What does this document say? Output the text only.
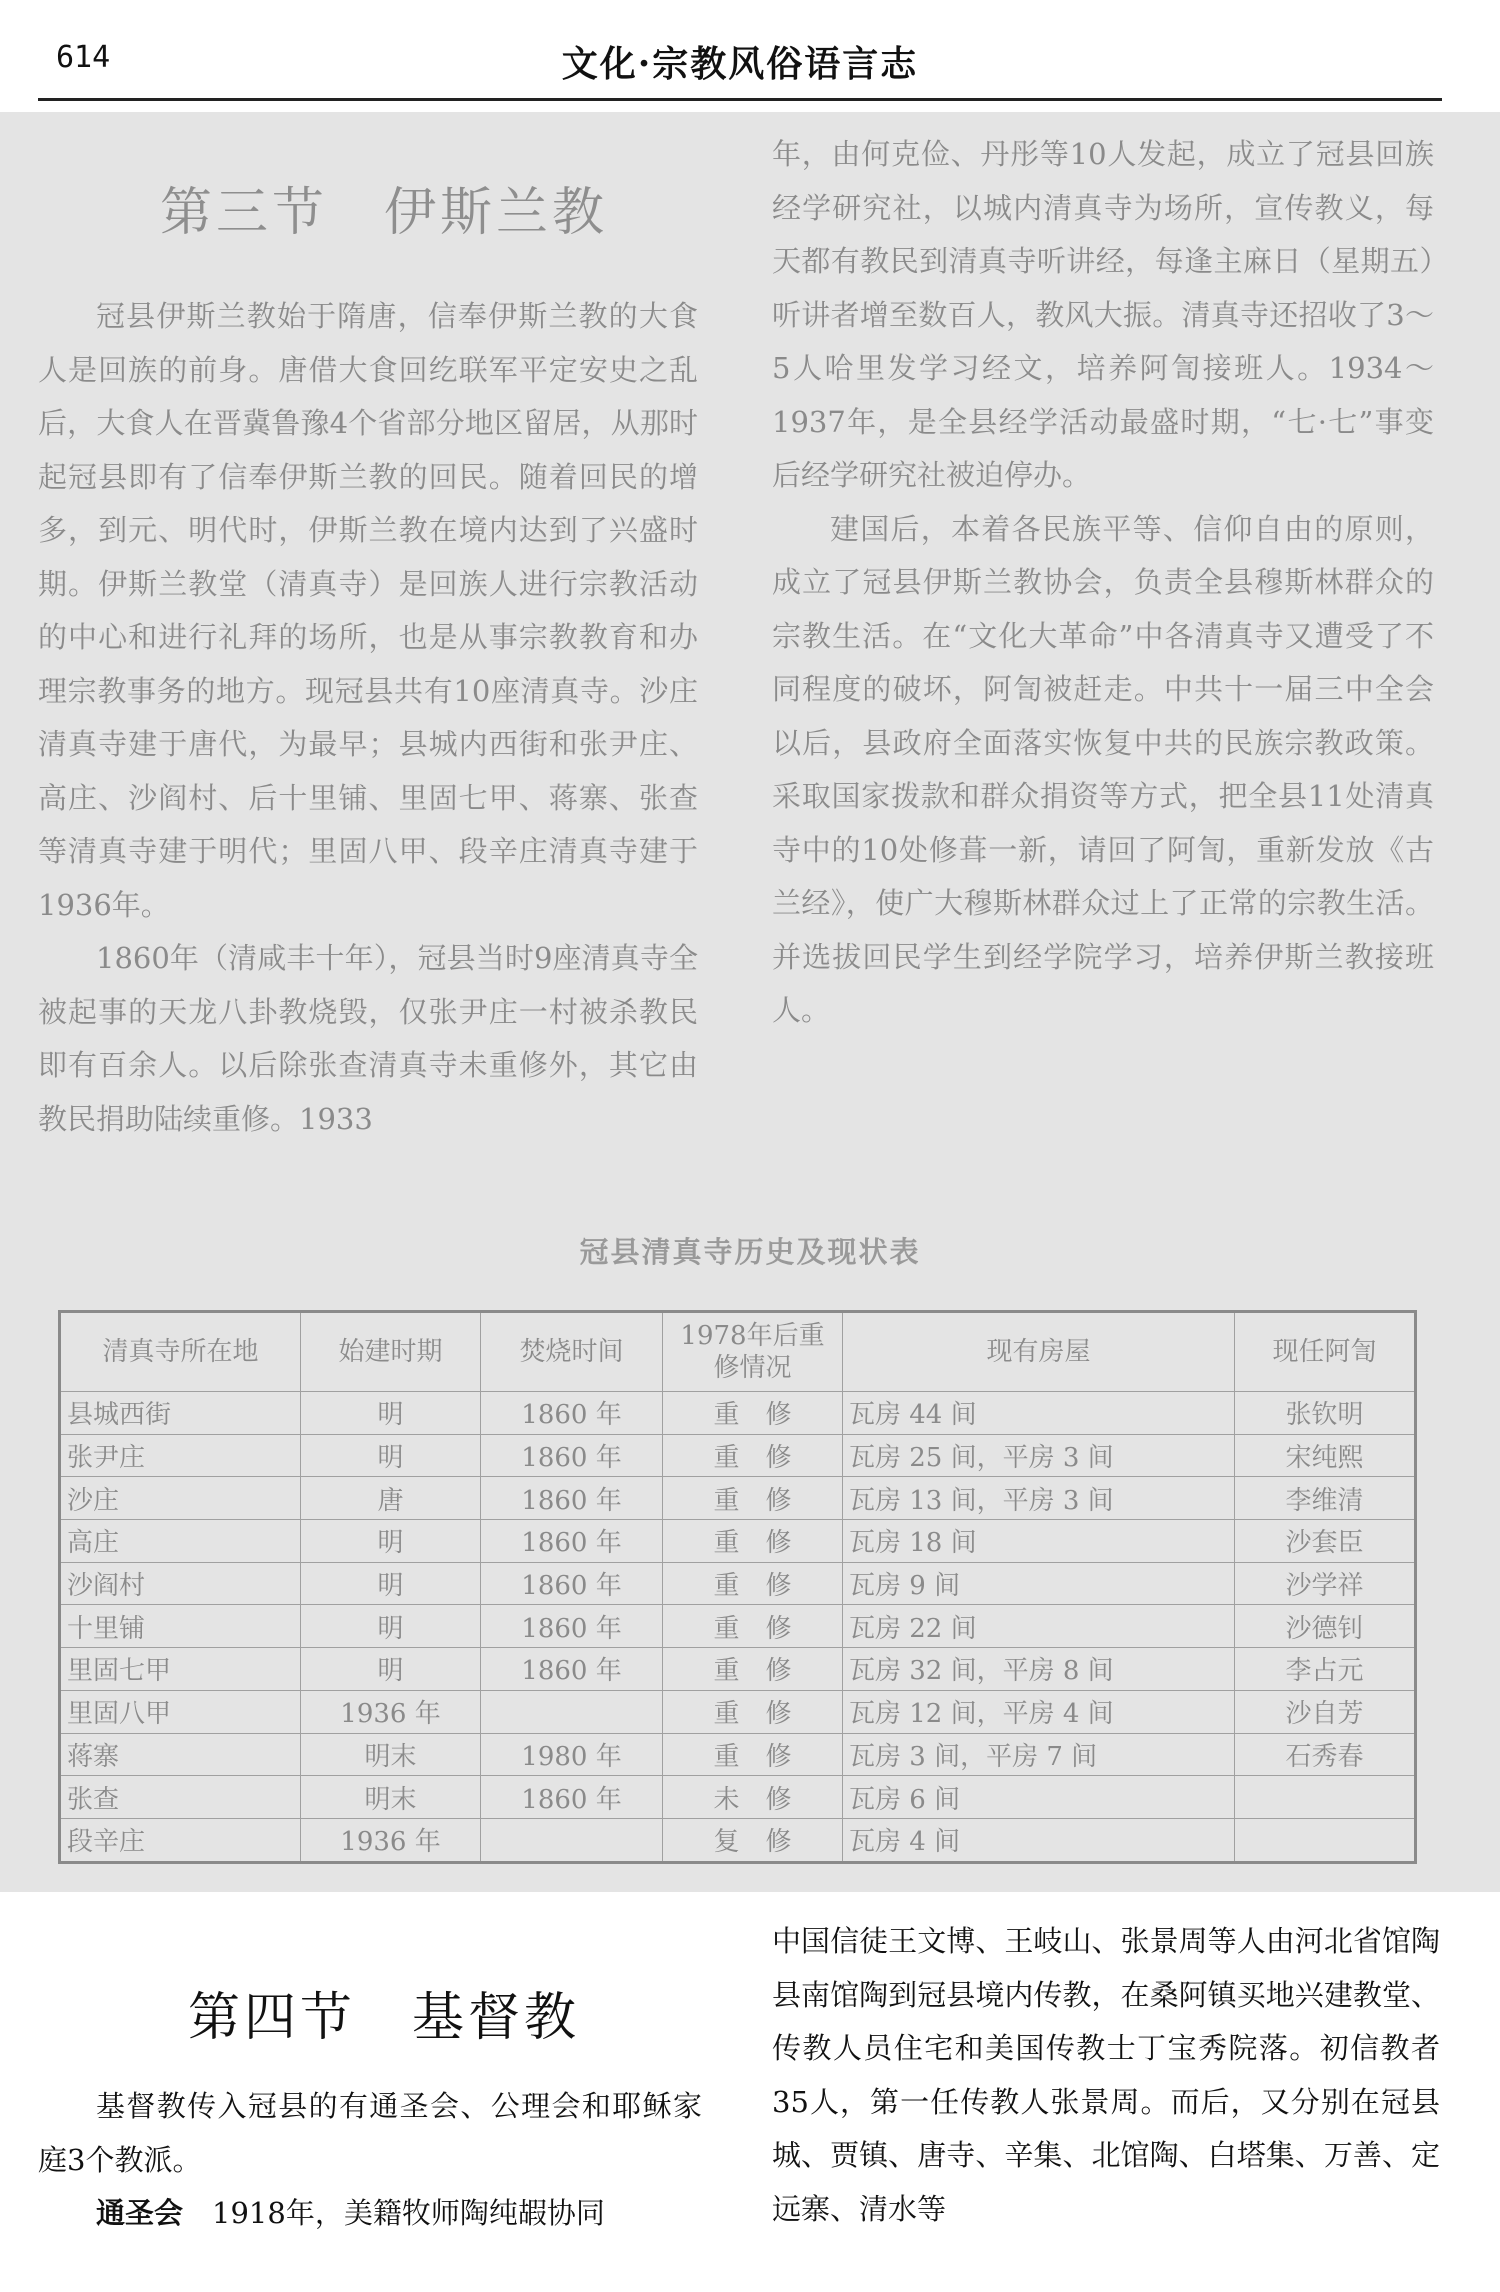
614	文化·宗教风俗语言志
第三节　伊斯兰教

冠县伊斯兰教始于隋唐，信奉伊斯兰教的大食人是回族的前身。唐借大食回纥联军平定安史之乱后，大食人在晋冀鲁豫4个省部分地区留居，从那时起冠县即有了信奉伊斯兰教的回民。随着回民的增多，到元、明代时，伊斯兰教在境内达到了兴盛时期。伊斯兰教堂（清真寺）是回族人进行宗教活动的中心和进行礼拜的场所，也是从事宗教教育和办理宗教事务的地方。现冠县共有10座清真寺。沙庄清真寺建于唐代，为最早；县城内西街和张尹庄、高庄、沙阎村、后十里铺、里固七甲、蒋寨、张查等清真寺建于明代；里固八甲、段辛庄清真寺建于1936年。

1860年（清咸丰十年），冠县当时9座清真寺全被起事的天龙八卦教烧毁，仅张尹庄一村被杀教民即有百余人。以后除张查清真寺未重修外，其它由教民捐助陆续重修。1933

年，由何克俭、丹彤等10人发起，成立了冠县回族经学研究社，以城内清真寺为场所，宣传教义，每天都有教民到清真寺听讲经，每逢主麻日（星期五）听讲者增至数百人，教风大振。清真寺还招收了3～5人哈里发学习经文，培养阿訇接班人。1934～1937年，是全县经学活动最盛时期，“七·七”事变后经学研究社被迫停办。

建国后，本着各民族平等、信仰自由的原则，成立了冠县伊斯兰教协会，负责全县穆斯林群众的宗教生活。在“文化大革命”中各清真寺又遭受了不同程度的破坏，阿訇被赶走。中共十一届三中全会以后，县政府全面落实恢复中共的民族宗教政策。采取国家拨款和群众捐资等方式，把全县11处清真寺中的10处修葺一新，请回了阿訇，重新发放《古兰经》，使广大穆斯林群众过上了正常的宗教生活。并选拔回民学生到经学院学习，培养伊斯兰教接班人。

冠县清真寺历史及现状表
清真寺所在地	始建时期	焚烧时间	1978年后重修情况	现有房屋	现任阿訇
县城西街	明	1860 年	重　修	瓦房 44 间	张钦明
张尹庄	明	1860 年	重　修	瓦房 25 间，平房 3 间	宋纯熙
沙庄	唐	1860 年	重　修	瓦房 13 间，平房 3 间	李维清
高庄	明	1860 年	重　修	瓦房 18 间	沙套臣
沙阎村	明	1860 年	重　修	瓦房 9 间	沙学祥
十里铺	明	1860 年	重　修	瓦房 22 间	沙德钊
里固七甲	明	1860 年	重　修	瓦房 32 间，平房 8 间	李占元
里固八甲	1936 年		重　修	瓦房 12 间，平房 4 间	沙自芳
蒋寨	明末	1980 年	重　修	瓦房 3 间，平房 7 间	石秀春
张查	明末	1860 年	未　修	瓦房 6 间	
段辛庄	1936 年		复　修	瓦房 4 间	
第四节　基督教

基督教传入冠县的有通圣会、公理会和耶稣家庭3个教派。

通圣会　 1918年，美籍牧师陶纯嘏协同

中国信徒王文博、王岐山、张景周等人由河北省馆陶县南馆陶到冠县境内传教，在桑阿镇买地兴建教堂、传教人员住宅和美国传教士丁宝秀院落。初信教者35人，第一任传教人张景周。而后，又分别在冠县城、贾镇、唐寺、辛集、北馆陶、白塔集、万善、定远寨、清水等
